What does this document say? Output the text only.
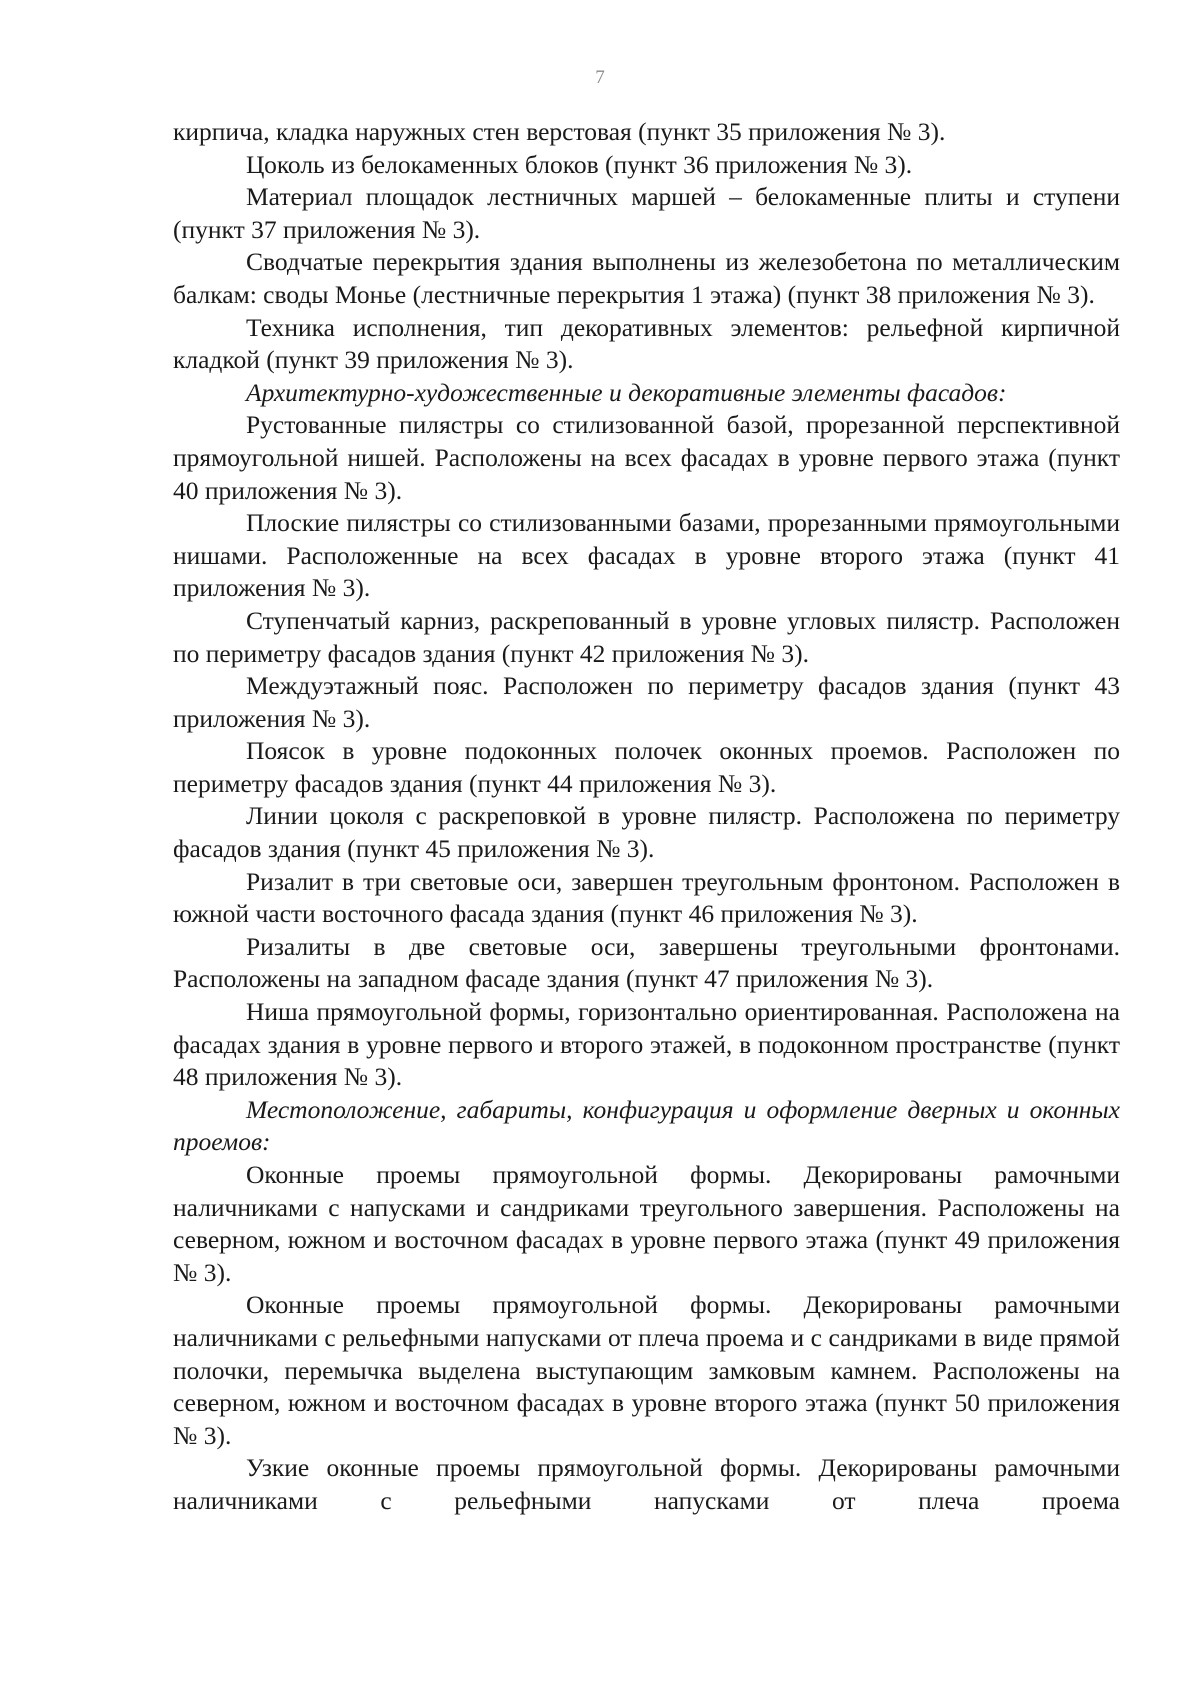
7

кирпича, кладка наружных стен верстовая (пункт 35 приложения № 3).

Цоколь из белокаменных блоков (пункт 36 приложения № 3).

Материал площадок лестничных маршей – белокаменные плиты и ступени (пункт 37 приложения № 3).

Сводчатые перекрытия здания выполнены из железобетона по металлическим балкам: своды Монье (лестничные перекрытия 1 этажа) (пункт 38 приложения № 3).

Техника исполнения, тип декоративных элементов: рельефной кирпичной кладкой (пункт 39 приложения № 3).

Архитектурно-художественные и декоративные элементы фасадов:

Рустованные пилястры со стилизованной базой, прорезанной перспективной прямоугольной нишей. Расположены на всех фасадах в уровне первого этажа (пункт 40 приложения № 3).

Плоские пилястры со стилизованными базами, прорезанными прямоугольными нишами. Расположенные на всех фасадах в уровне второго этажа (пункт 41 приложения № 3).

Ступенчатый карниз, раскрепованный в уровне угловых пилястр. Расположен по периметру фасадов здания (пункт 42 приложения № 3).

Междуэтажный пояс. Расположен по периметру фасадов здания (пункт 43 приложения № 3).

Поясок в уровне подоконных полочек оконных проемов. Расположен по периметру фасадов здания (пункт 44 приложения № 3).

Линии цоколя с раскреповкой в уровне пилястр. Расположена по периметру фасадов здания (пункт 45 приложения № 3).

Ризалит в три световые оси, завершен треугольным фронтоном. Расположен в южной части восточного фасада здания (пункт 46 приложения № 3).

Ризалиты в две световые оси, завершены треугольными фронтонами. Расположены на западном фасаде здания (пункт 47 приложения № 3).

Ниша прямоугольной формы, горизонтально ориентированная. Расположена на фасадах здания в уровне первого и второго этажей, в подоконном пространстве (пункт 48 приложения № 3).

Местоположение, габариты, конфигурация и оформление дверных и оконных проемов:

Оконные проемы прямоугольной формы. Декорированы рамочными наличниками с напусками и сандриками треугольного завершения. Расположены на северном, южном и восточном фасадах в уровне первого этажа (пункт 49 приложения № 3).

Оконные проемы прямоугольной формы. Декорированы рамочными наличниками с рельефными напусками от плеча проема и с сандриками в виде прямой полочки, перемычка выделена выступающим замковым камнем. Расположены на северном, южном и восточном фасадах в уровне второго этажа (пункт 50 приложения № 3).

Узкие оконные проемы прямоугольной формы. Декорированы рамочными наличниками с рельефными напусками от плеча проема
